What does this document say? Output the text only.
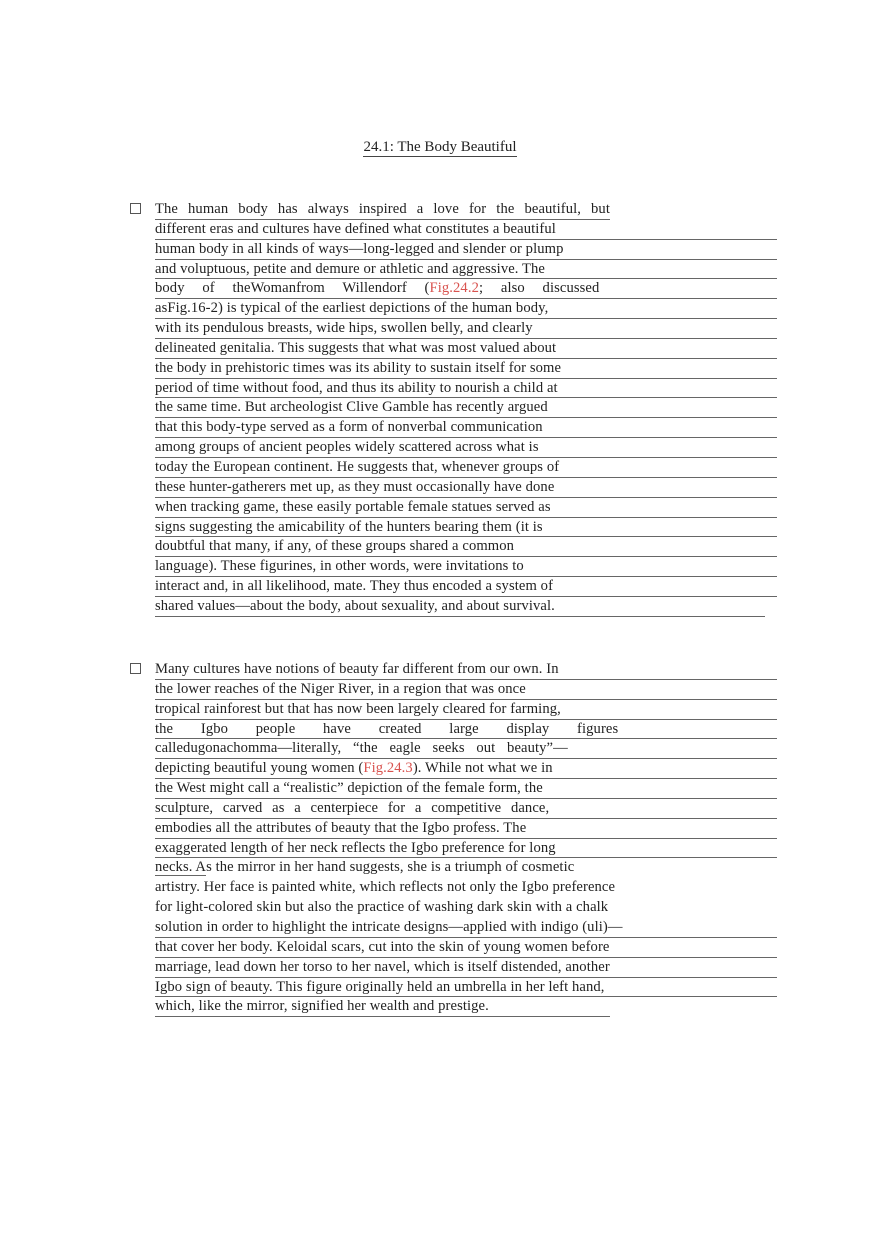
24.1: The Body Beautiful
The human body has always inspired a love for the beautiful, but
different eras and cultures have defined what constitutes a beautiful
human body in all kinds of ways—long-legged and slender or plump
and voluptuous, petite and demure or athletic and aggressive. The
body of theWomanfrom Willendorf (Fig.24.2; also discussed
asFig.16-2) is typical of the earliest depictions of the human body,
with its pendulous breasts, wide hips, swollen belly, and clearly
delineated genitalia. This suggests that what was most valued about
the body in prehistoric times was its ability to sustain itself for some
period of time without food, and thus its ability to nourish a child at
the same time. But archeologist Clive Gamble has recently argued
that this body-type served as a form of nonverbal communication
among groups of ancient peoples widely scattered across what is
today the European continent. He suggests that, whenever groups of
these hunter-gatherers met up, as they must occasionally have done
when tracking game, these easily portable female statues served as
signs suggesting the amicability of the hunters bearing them (it is
doubtful that many, if any, of these groups shared a common
language). These figurines, in other words, were invitations to
interact and, in all likelihood, mate. They thus encoded a system of
shared values—about the body, about sexuality, and about survival.
Many cultures have notions of beauty far different from our own. In
the lower reaches of the Niger River, in a region that was once
tropical rainforest but that has now been largely cleared for farming,
the Igbo people have created large display figures
calledugonachomma—literally, “the eagle seeks out beauty”—
depicting beautiful young women (Fig.24.3). While not what we in
the West might call a “realistic” depiction of the female form, the
sculpture, carved as a centerpiece for a competitive dance,
embodies all the attributes of beauty that the Igbo profess. The
exaggerated length of her neck reflects the Igbo preference for long
necks. As the mirror in her hand suggests, she is a triumph of cosmetic
artistry. Her face is painted white, which reflects not only the Igbo preference
for light-colored skin but also the practice of washing dark skin with a chalk
solution in order to highlight the intricate designs—applied with indigo (uli)—
that cover her body. Keloidal scars, cut into the skin of young women before
marriage, lead down her torso to her navel, which is itself distended, another
Igbo sign of beauty. This figure originally held an umbrella in her left hand,
which, like the mirror, signified her wealth and prestige.
